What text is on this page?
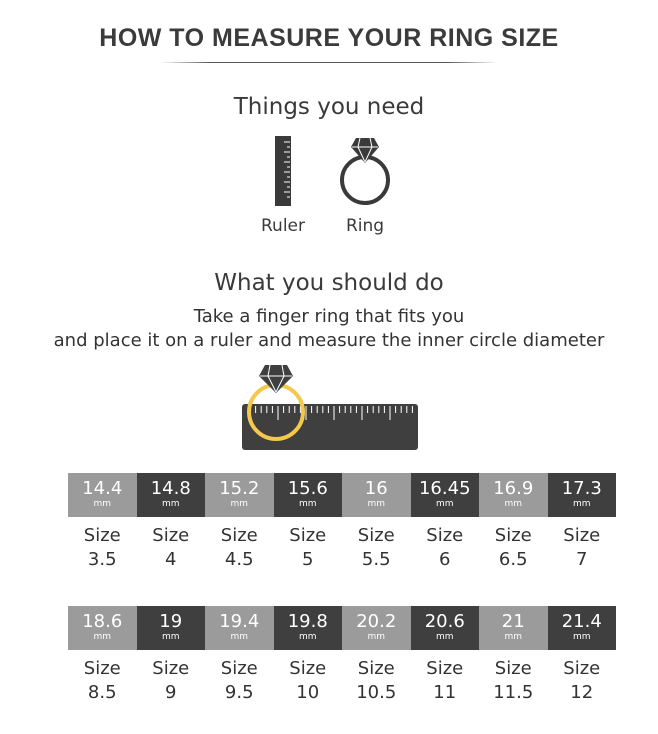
HOW TO MEASURE YOUR RING SIZE
Things you need
Ruler	Ring
What you should do
Take a finger ring that fits you
and place it on a ruler and measure the inner circle diameter
14.4
mm
14.8
mm
15.2
mm
15.6
mm
16
mm
16.45
mm
16.9
mm
17.3
mm
Size
3.5
Size
4
Size
4.5
Size
5
Size
5.5
Size
6
Size
6.5
Size
7
18.6
mm
19
mm
19.4
mm
19.8
mm
20.2
mm
20.6
mm
21
mm
21.4
mm
Size
8.5
Size
9
Size
9.5
Size
10
Size
10.5
Size
11
Size
11.5
Size
12
